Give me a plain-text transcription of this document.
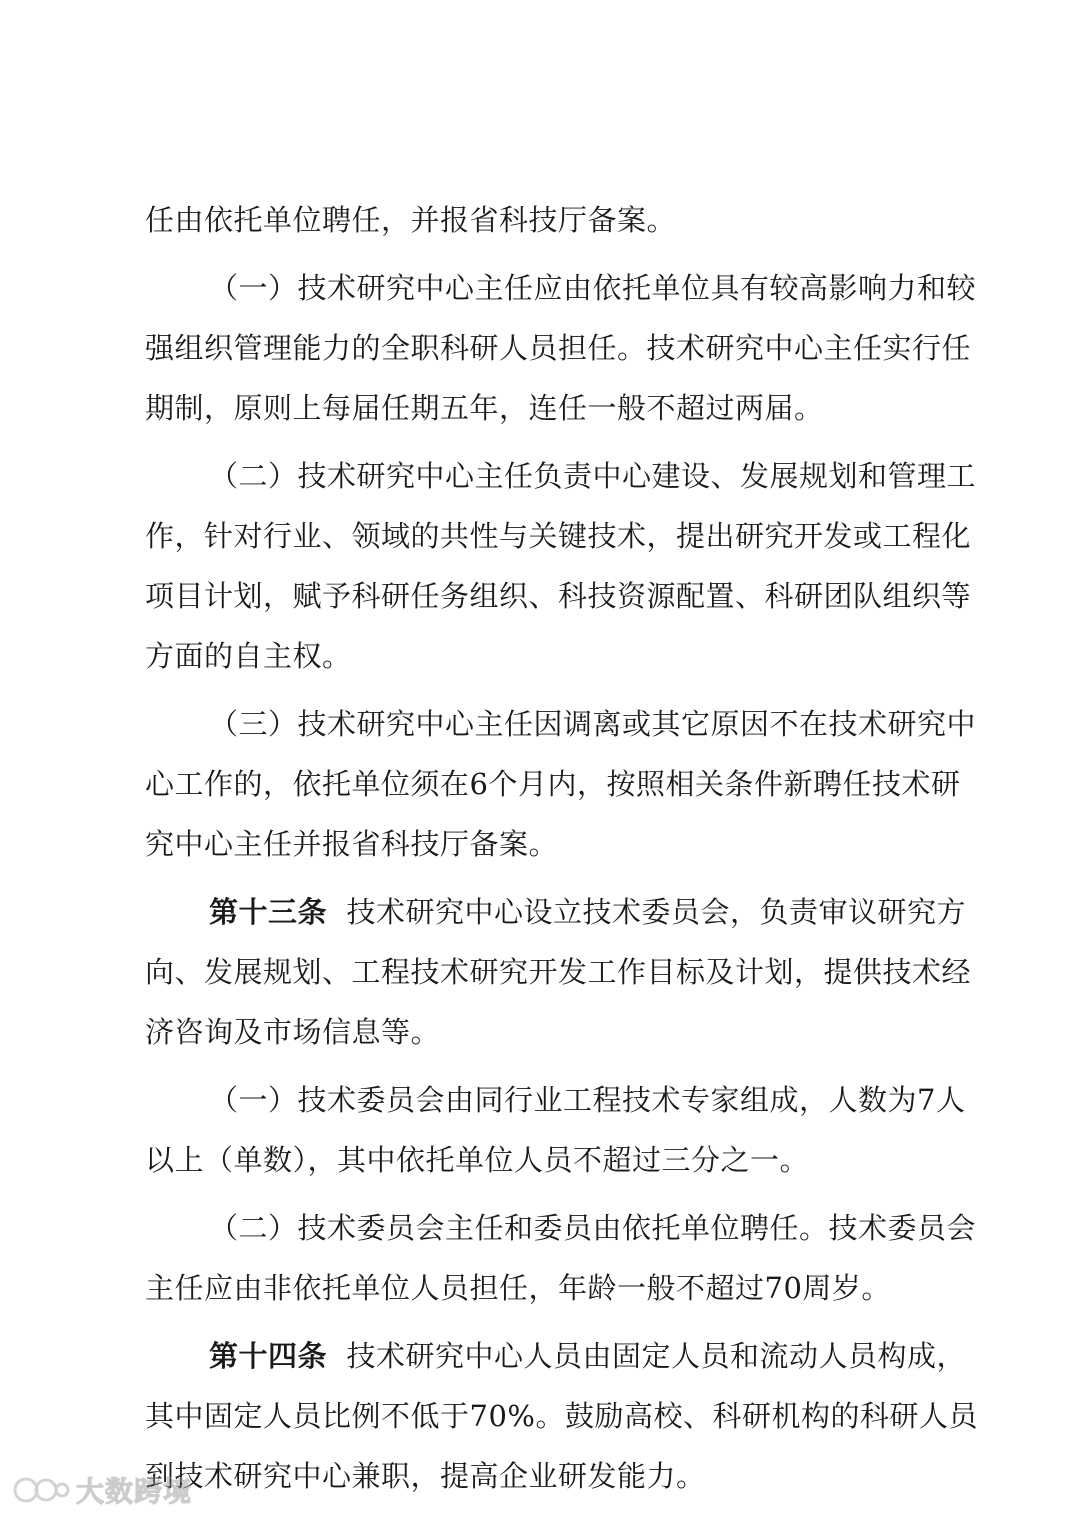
任由依托单位聘任，并报省科技厅备案。
（一）技术研究中心主任应由依托单位具有较高影响力和较
强组织管理能力的全职科研人员担任。技术研究中心主任实行任
期制，原则上每届任期五年，连任一般不超过两届。
（二）技术研究中心主任负责中心建设、发展规划和管理工
作，针对行业、领域的共性与关键技术，提出研究开发或工程化
项目计划，赋予科研任务组织、科技资源配置、科研团队组织等
方面的自主权。
（三）技术研究中心主任因调离或其它原因不在技术研究中
心工作的，依托单位须在6个月内，按照相关条件新聘任技术研
究中心主任并报省科技厅备案。
第十三条 技术研究中心设立技术委员会，负责审议研究方
向、发展规划、工程技术研究开发工作目标及计划，提供技术经
济咨询及市场信息等。
（一）技术委员会由同行业工程技术专家组成，人数为7人
以上（单数），其中依托单位人员不超过三分之一。
（二）技术委员会主任和委员由依托单位聘任。技术委员会
主任应由非依托单位人员担任，年龄一般不超过70周岁。
第十四条 技术研究中心人员由固定人员和流动人员构成，
其中固定人员比例不低于70%。鼓励高校、科研机构的科研人员
到技术研究中心兼职，提高企业研发能力。
大数跨境
